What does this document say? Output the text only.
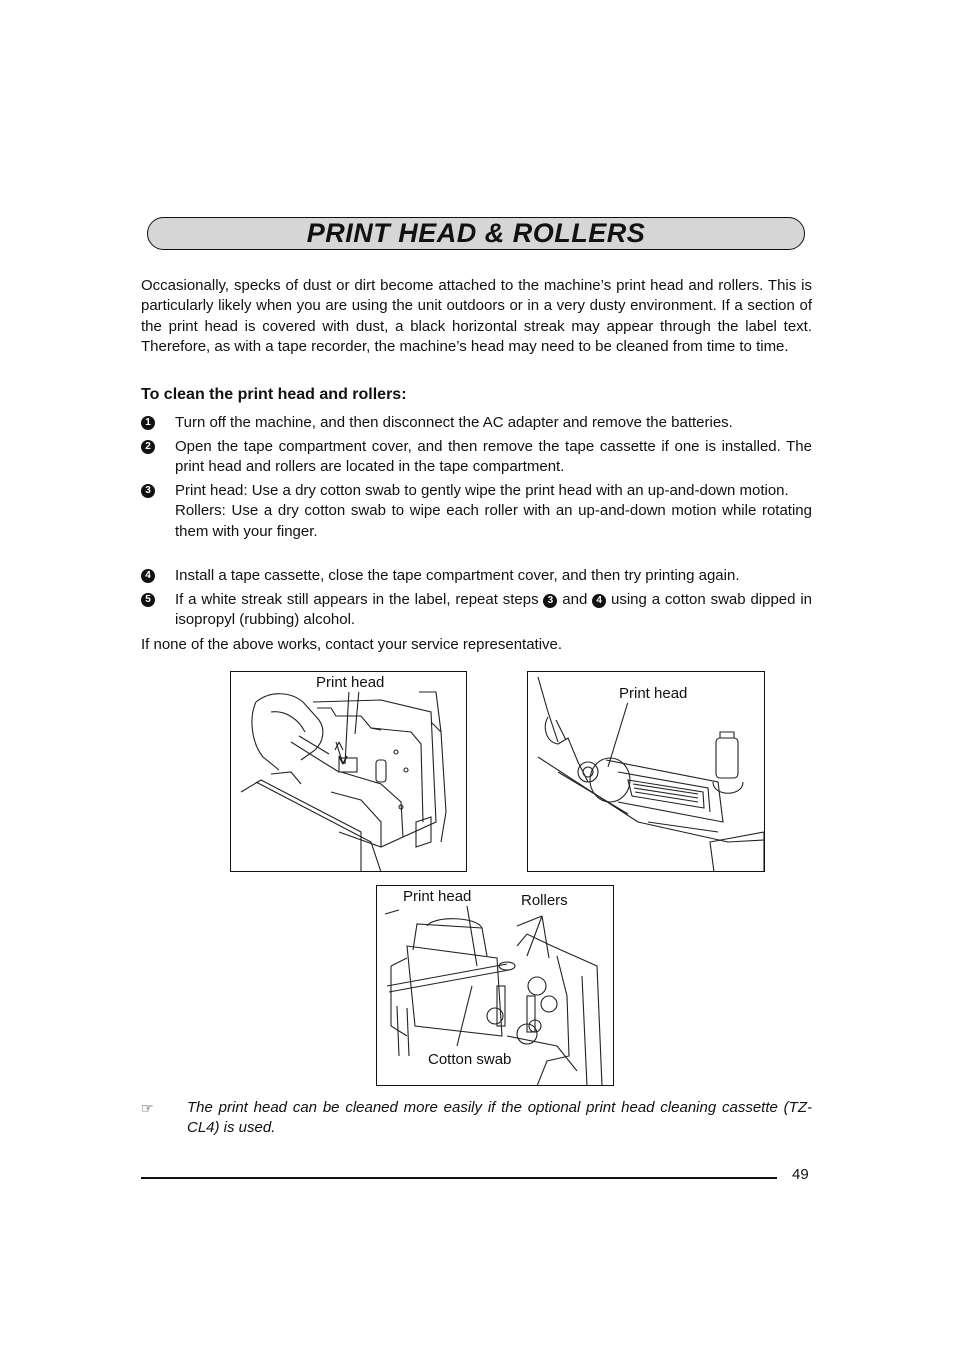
PRINT HEAD & ROLLERS
Occasionally, specks of dust or dirt become attached to the machine’s print head and rollers. This is particularly likely when you are using the unit outdoors or in a very dusty environment. If a section of the print head is covered with dust, a black horizontal streak may appear through the label text. Therefore, as with a tape recorder, the machine’s head may need to be cleaned from time to time.
To clean the print head and rollers:
1 Turn off the machine, and then disconnect the AC adapter and remove the batteries.
2 Open the tape compartment cover, and then remove the tape cassette if one is installed. The print head and rollers are located in the tape compartment.
3 Print head: Use a dry cotton swab to gently wipe the print head with an up-and-down motion.

Rollers: Use a dry cotton swab to wipe each roller with an up-and-down motion while rotating them with your finger.

4 Install a tape cassette, close the tape compartment cover, and then try printing again.
5 If a white streak still appears in the label, repeat steps 3 and 4 using a cotton swab dipped in isopropyl (rubbing) alcohol.
If none of the above works, contact your service representative.
Print head
Print head
Print head	Rollers
Cotton swab
☞ The print head can be cleaned more easily if the optional print head cleaning cassette (TZ-CL4) is used.
49
